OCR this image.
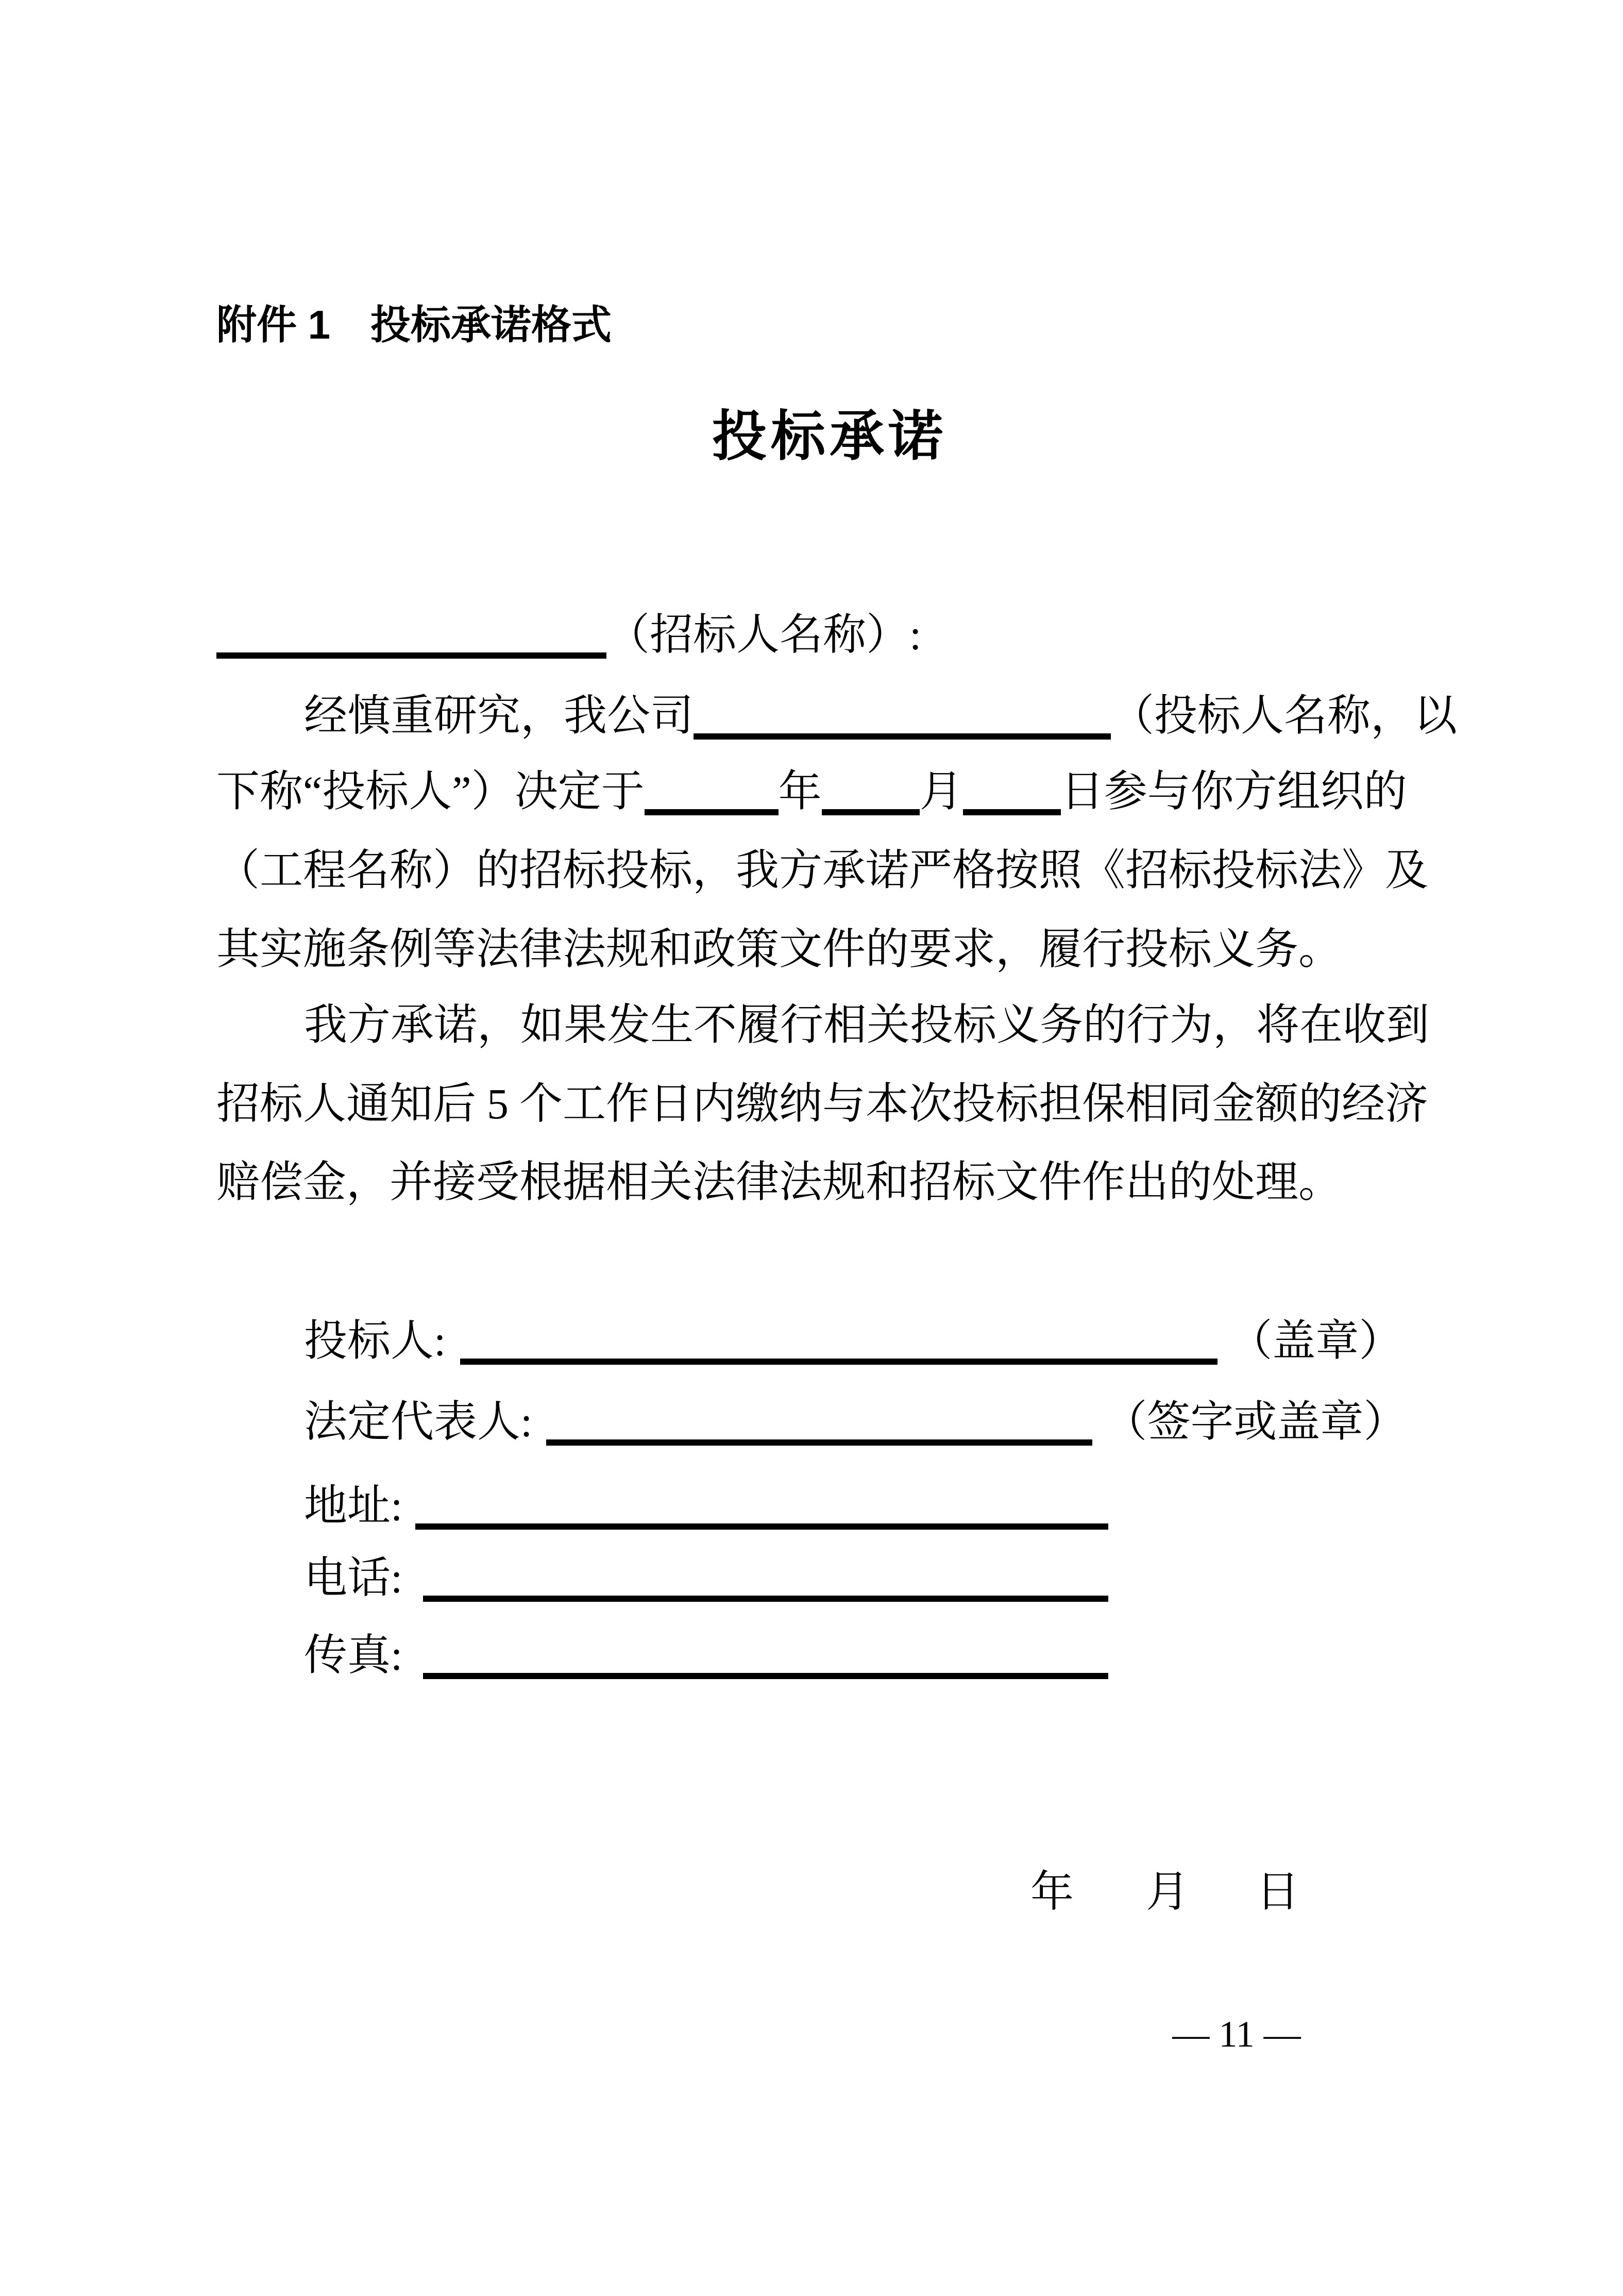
附件 1　投标承诺格式
投标承诺
（招标人名称）:
经慎重研究，我公司	（投标人名称，以
下称“投标人”）决定于	年 月 日参与你方组织的
（工程名称）的招标投标，我方承诺严格按照《招标投标法》及
其实施条例等法律法规和政策文件的要求，履行投标义务。
我方承诺，如果发生不履行相关投标义务的行为，将在收到
招标人通知后 5 个工作日内缴纳与本次投标担保相同金额的经济
赔偿金，并接受根据相关法律法规和招标文件作出的处理。
投标人:	（盖章）
法定代表人:	（签字或盖章）
地址:
电话:
传真:
年 月 日
— 11 —
